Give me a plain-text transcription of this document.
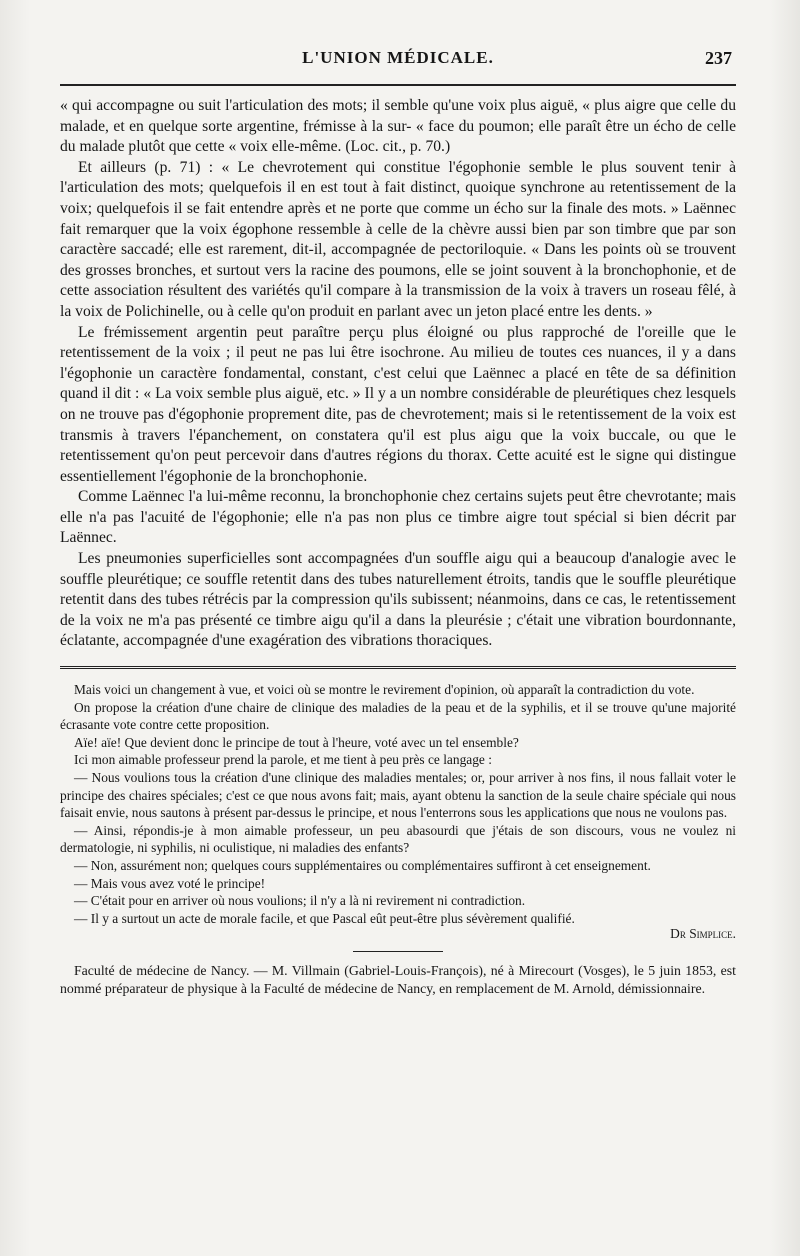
L'UNION MÉDICALE.	237

« qui accompagne ou suit l'articulation des mots; il semble qu'une voix plus aiguë, « plus aigre que celle du malade, et en quelque sorte argentine, frémisse à la sur- « face du poumon; elle paraît être un écho de celle du malade plutôt que cette « voix elle-même. (Loc. cit., p. 70.)

Et ailleurs (p. 71) : « Le chevrotement qui constitue l'égophonie semble le plus souvent tenir à l'articulation des mots; quelquefois il en est tout à fait distinct, quoique synchrone au retentissement de la voix; quelquefois il se fait entendre après et ne porte que comme un écho sur la finale des mots. » Laënnec fait remarquer que la voix égophone ressemble à celle de la chèvre aussi bien par son timbre que par son caractère saccadé; elle est rarement, dit-il, accompagnée de pectoriloquie. « Dans les points où se trouvent des grosses bronches, et surtout vers la racine des poumons, elle se joint souvent à la bronchophonie, et de cette association résultent des variétés qu'il compare à la transmission de la voix à travers un roseau fêlé, à la voix de Polichinelle, ou à celle qu'on produit en parlant avec un jeton placé entre les dents. »

Le frémissement argentin peut paraître perçu plus éloigné ou plus rapproché de l'oreille que le retentissement de la voix ; il peut ne pas lui être isochrone. Au milieu de toutes ces nuances, il y a dans l'égophonie un caractère fondamental, constant, c'est celui que Laënnec a placé en tête de sa définition quand il dit : « La voix semble plus aiguë, etc. » Il y a un nombre considérable de pleurétiques chez lesquels on ne trouve pas d'égophonie proprement dite, pas de chevrotement; mais si le retentissement de la voix est transmis à travers l'épanchement, on constatera qu'il est plus aigu que la voix buccale, ou que le retentissement qu'on peut percevoir dans d'autres régions du thorax. Cette acuité est le signe qui distingue essentiellement l'égophonie de la bronchophonie.

Comme Laënnec l'a lui-même reconnu, la bronchophonie chez certains sujets peut être chevrotante; mais elle n'a pas l'acuité de l'égophonie; elle n'a pas non plus ce timbre aigre tout spécial si bien décrit par Laënnec.

Les pneumonies superficielles sont accompagnées d'un souffle aigu qui a beaucoup d'analogie avec le souffle pleurétique; ce souffle retentit dans des tubes naturellement étroits, tandis que le souffle pleurétique retentit dans des tubes rétrécis par la compression qu'ils subissent; néanmoins, dans ce cas, le retentissement de la voix ne m'a pas présenté ce timbre aigu qu'il a dans la pleurésie ; c'était une vibration bourdonnante, éclatante, accompagnée d'une exagération des vibrations thoraciques.

Mais voici un changement à vue, et voici où se montre le revirement d'opinion, où apparaît la contradiction du vote.

On propose la création d'une chaire de clinique des maladies de la peau et de la syphilis, et il se trouve qu'une majorité écrasante vote contre cette proposition.

Aïe! aïe! Que devient donc le principe de tout à l'heure, voté avec un tel ensemble?

Ici mon aimable professeur prend la parole, et me tient à peu près ce langage :

— Nous voulions tous la création d'une clinique des maladies mentales; or, pour arriver à nos fins, il nous fallait voter le principe des chaires spéciales; c'est ce que nous avons fait; mais, ayant obtenu la sanction de la seule chaire spéciale qui nous faisait envie, nous sautons à présent par-dessus le principe, et nous l'enterrons sous les applications que nous ne voulons pas.

— Ainsi, répondis-je à mon aimable professeur, un peu abasourdi que j'étais de son discours, vous ne voulez ni dermatologie, ni syphilis, ni oculistique, ni maladies des enfants?

— Non, assurément non; quelques cours supplémentaires ou complémentaires suffiront à cet enseignement.

— Mais vous avez voté le principe!

— C'était pour en arriver où nous voulions; il n'y a là ni revirement ni contradiction.

— Il y a surtout un acte de morale facile, et que Pascal eût peut-être plus sévèrement qualifié.

Dr Simplice.

Faculté de médecine de Nancy. — M. Villmain (Gabriel-Louis-François), né à Mirecourt (Vosges), le 5 juin 1853, est nommé préparateur de physique à la Faculté de médecine de Nancy, en remplacement de M. Arnold, démissionnaire.
